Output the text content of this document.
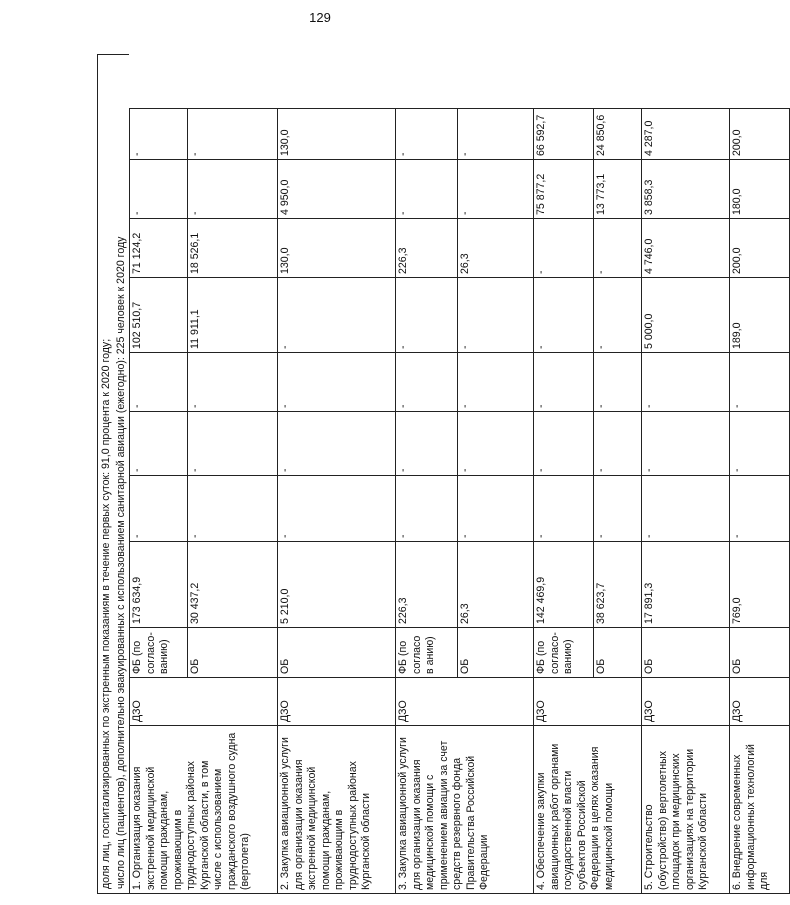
129
доля лиц, госпитализированных по экстренным показаниям в течение первых суток: 91,0 процента к 2020 году; число лиц (пациентов), дополнительно эвакуированных с использованием санитарной авиации (ежегодно): 225 человек к 2020 году 1. Организация оказания экстренной медицинской помощи гражданам, проживающим в труднодоступных районах Курганской области, в том числе с использованием гражданского воздушного судна (вертолета)	ДЗО	ФБ (по согласо-ванию)	173 634,9	-	-	-	102 510,7	71 124,2	-	-
		ОБ	30 437,2	-	-	-	11 911,1	18 526,1	-	-
2. Закупка авиационной услуги для организации оказания экстренной медицинской помощи гражданам, проживающим в труднодоступных районах Курганской области	ДЗО	ОБ	5 210,0	-	-	-	-	130,0	4 950,0	130,0
3. Закупка авиационной услуги для организации оказания медицинской помощи с применением авиации за счет средств резервного фонда Правительства Российской Федерации	ДЗО	ФБ (по согласов анию)	226,3	-	-	-	-	226,3	-	-
		ОБ	26,3	-	-	-	-	26,3	-	-
4. Обеспечение закупки авиационных работ органами государственной власти субъектов Российской Федерации в целях оказания медицинской помощи	ДЗО	ФБ (по согласо-ванию)	142 469,9	-	-	-	-	-	75 877,2	66 592,7
		ОБ	38 623,7	-	-	-	-	-	13 773,1	24 850,6
5. Строительство (обустройство) вертолетных площадок при медицинских организациях на территории Курганской области	ДЗО	ОБ	17 891,3	-	-	-	5 000,0	4 746,0	3 858,3	4 287,0
6. Внедрение современных информационных технологий для	ДЗО	ОБ	769,0	-	-	-	189,0	200,0	180,0	200,0
